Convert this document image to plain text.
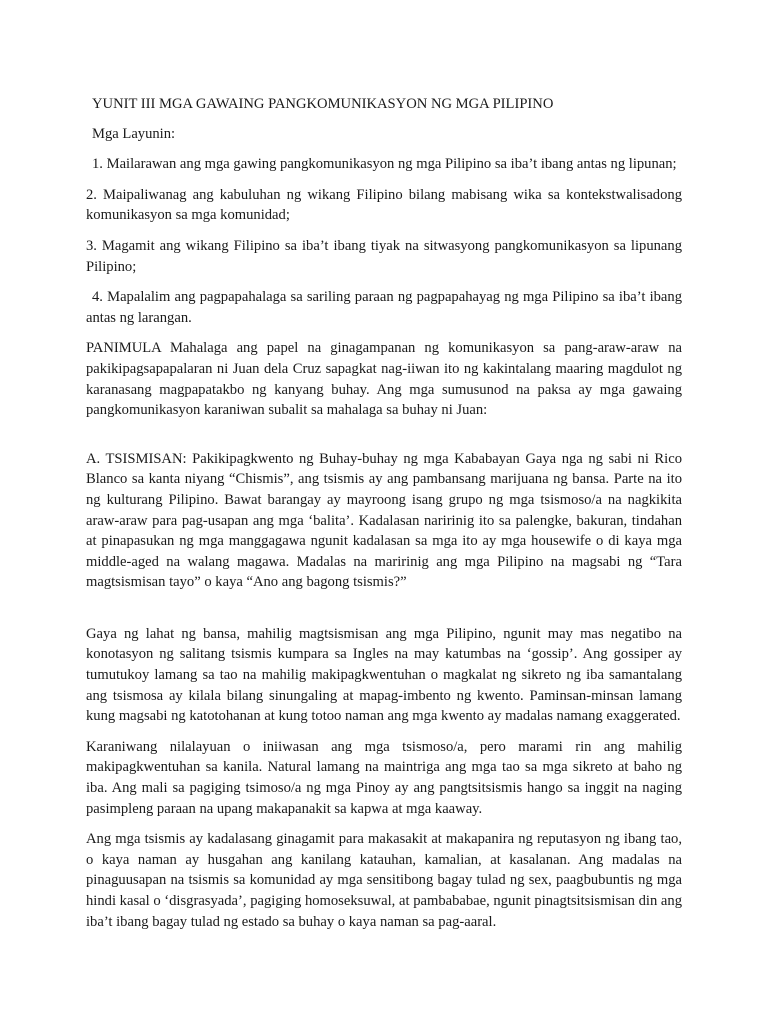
YUNIT III MGA GAWAING PANGKOMUNIKASYON NG MGA PILIPINO
Mga Layunin:

1. Mailarawan ang mga gawing pangkomunikasyon ng mga Pilipino sa iba’t ibang antas ng lipunan;

2. Maipaliwanag ang kabuluhan ng wikang Filipino bilang mabisang wika sa kontekstwalisadong komunikasyon sa mga komunidad;

3. Magamit ang wikang Filipino sa iba’t ibang tiyak na sitwasyong pangkomunikasyon sa lipunang Pilipino;

4. Mapalalim ang pagpapahalaga sa sariling paraan ng pagpapahayag ng mga Pilipino sa iba’t ibang antas ng larangan.

PANIMULA Mahalaga ang papel na ginagampanan ng komunikasyon sa pang-araw-araw na pakikipagsapapalaran ni Juan dela Cruz sapagkat nag-iiwan ito ng kakintalang maaring magdulot ng karanasang magpapatakbo ng kanyang buhay. Ang mga sumusunod na paksa ay mga gawaing pangkomunikasyon karaniwan subalit sa mahalaga sa buhay ni Juan:

A. TSISMISAN: Pakikipagkwento ng Buhay-buhay ng mga Kababayan Gaya nga ng sabi ni Rico Blanco sa kanta niyang “Chismis”, ang tsismis ay ang pambansang marijuana ng bansa. Parte na ito ng kulturang Pilipino. Bawat barangay ay mayroong isang grupo ng mga tsismoso/a na nagkikita araw-araw para pag-usapan ang mga ‘balita’. Kadalasan naririnig ito sa palengke, bakuran, tindahan at pinapasukan ng mga manggagawa ngunit kadalasan sa mga ito ay mga housewife o di kaya mga middle-aged na walang magawa. Madalas na maririnig ang mga Pilipino na magsabi ng “Tara magtsismisan tayo” o kaya “Ano ang bagong tsismis?”

Gaya ng lahat ng bansa, mahilig magtsismisan ang mga Pilipino, ngunit may mas negatibo na konotasyon ng salitang tsismis kumpara sa Ingles na may katumbas na ‘gossip’. Ang gossiper ay tumutukoy lamang sa tao na mahilig makipagkwentuhan o magkalat ng sikreto ng iba samantalang ang tsismosa ay kilala bilang sinungaling at mapag-imbento ng kwento. Paminsan-minsan lamang kung magsabi ng katotohanan at kung totoo naman ang mga kwento ay madalas namang exaggerated.

Karaniwang nilalayuan o iniiwasan ang mga tsismoso/a, pero marami rin ang mahilig makipagkwentuhan sa kanila. Natural lamang na maintriga ang mga tao sa mga sikreto at baho ng iba. Ang mali sa pagiging tsimoso/a ng mga Pinoy ay ang pangtsitsismis hango sa inggit na naging pasimpleng paraan na upang makapanakit sa kapwa at mga kaaway.

Ang mga tsismis ay kadalasang ginagamit para makasakit at makapanira ng reputasyon ng ibang tao, o kaya naman ay husgahan ang kanilang katauhan, kamalian, at kasalanan. Ang madalas na pinaguusapan na tsismis sa komunidad ay mga sensitibong bagay tulad ng sex, paagbubuntis ng mga hindi kasal o ‘disgrasyada’, pagiging homoseksuwal, at pambababae, ngunit pinagtsitsismisan din ang iba’t ibang bagay tulad ng estado sa buhay o kaya naman sa pag-aaral.
